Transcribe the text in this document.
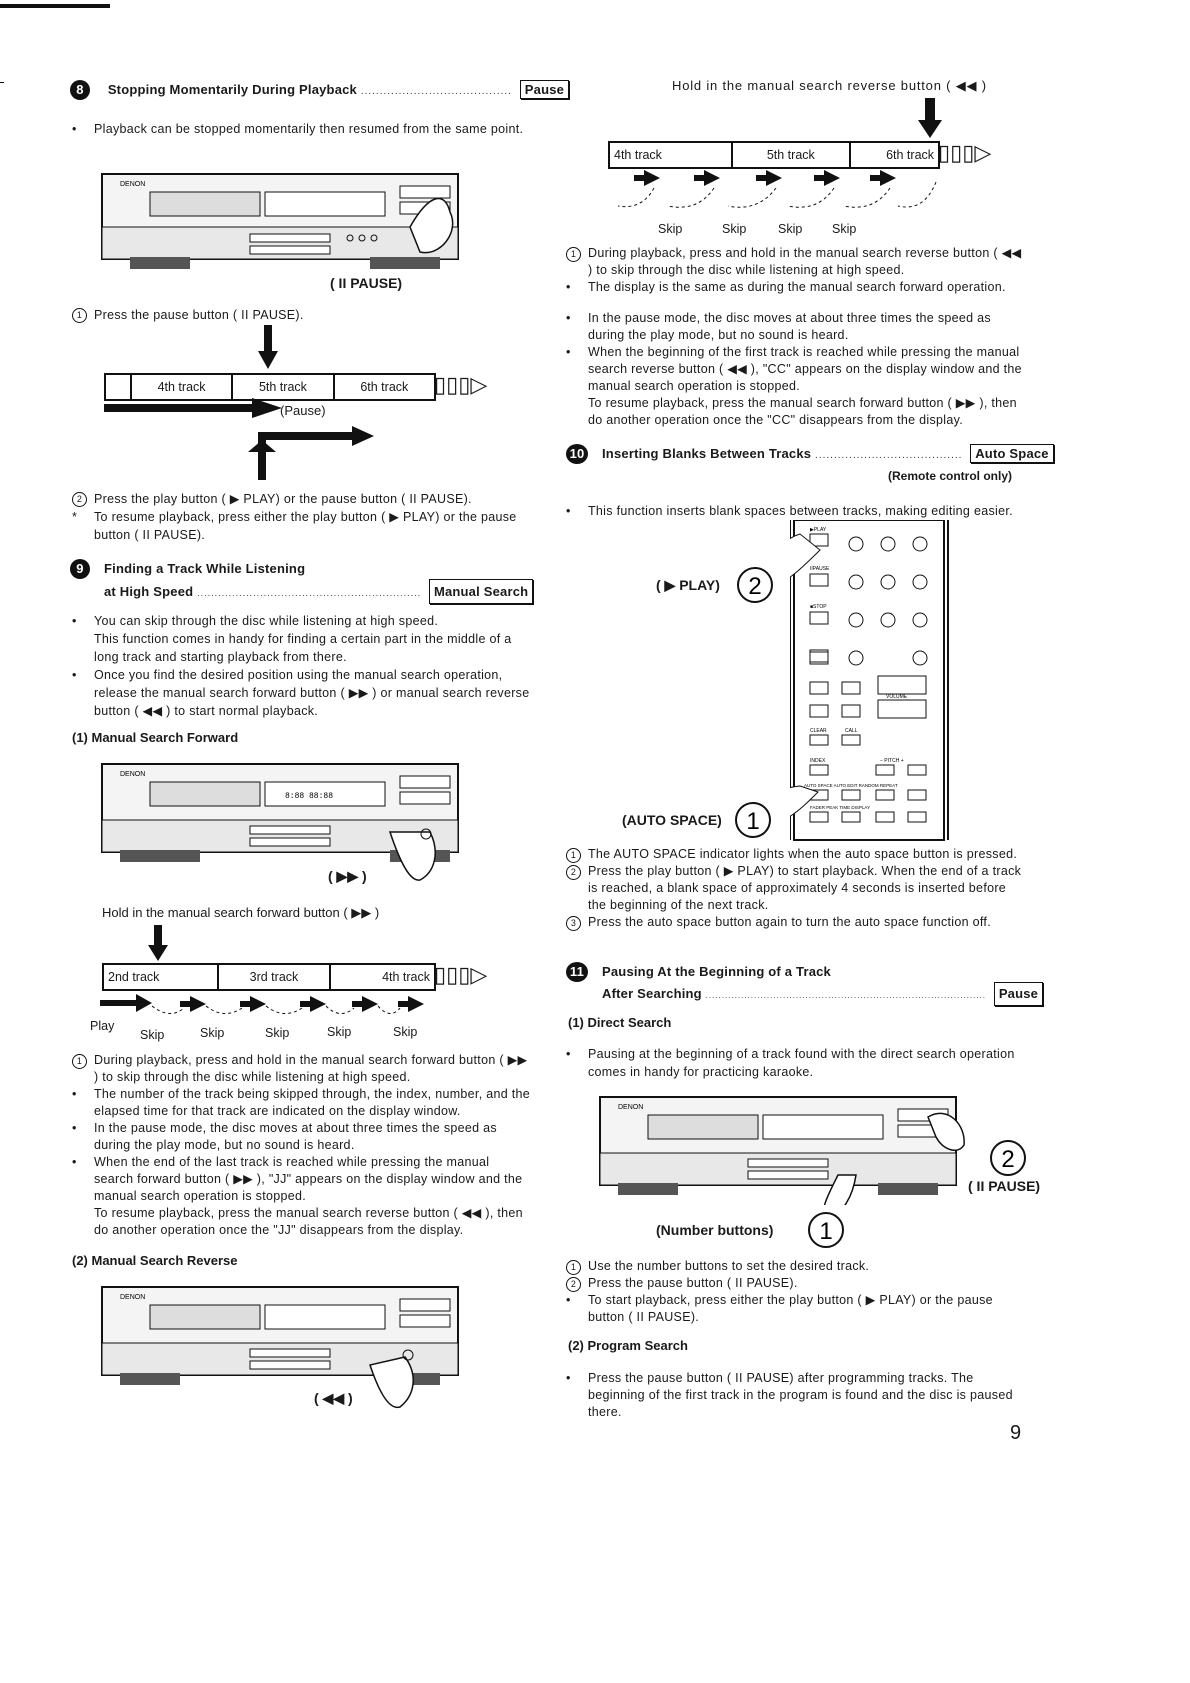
8 Stopping Momentarily During Playback ........................................ Pause
• Playback can be stopped momentarily then resumed from the same point.
DENON
( II PAUSE)
1 Press the pause button ( II PAUSE).
4th track	5th track	6th track	▯▯▯▷
(Pause)
2 Press the play button ( ▶ PLAY) or the pause button ( II PAUSE).
* To resume playback, press either the play button ( ▶ PLAY) or the pause button ( II PAUSE).
9 Finding a Track While Listening
at High Speed ................................................................ Manual Search
• You can skip through the disc while listening at high speed.
This function comes in handy for finding a certain part in the middle of a long track and starting playback from there.
• Once you find the desired position using the manual search operation, release the manual search forward button ( ▶▶ ) or manual search reverse button ( ◀◀ ) to start normal playback.
(1) Manual Search Forward
DENON
8:88 88:88
( ▶▶ )
Hold in the manual search forward button ( ▶▶ )
2nd track	3rd track	4th track ▯▯▯▷
Play
Skip	Skip	Skip	Skip	Skip
1 During playback, press and hold in the manual search forward button ( ▶▶ ) to skip through the disc while listening at high speed.
• The number of the track being skipped through, the index, number, and the elapsed time for that track are indicated on the display window.
• In the pause mode, the disc moves at about three times the speed as during the play mode, but no sound is heard.
• When the end of the last track is reached while pressing the manual search forward button ( ▶▶ ), "JJ" appears on the display window and the manual search operation is stopped.
To resume playback, press the manual search reverse button ( ◀◀ ), then do another operation once the "JJ" disappears from the display.
(2) Manual Search Reverse
DENON
( ◀◀ )
Hold in the manual search reverse button ( ◀◀ )
4th track	5th track	6th track ▯▯▯▷
Skip	Skip	Skip Skip
1 During playback, press and hold in the manual search reverse button ( ◀◀ ) to skip through the disc while listening at high speed.
• The display is the same as during the manual search forward operation.
• In the pause mode, the disc moves at about three times the speed as during the play mode, but no sound is heard.
• When the beginning of the first track is reached while pressing the manual search reverse button ( ◀◀ ), "CC" appears on the display window and the manual search operation is stopped.
To resume playback, press the manual search forward button ( ▶▶ ), then do another operation once the "CC" disappears from the display.
10 Inserting Blanks Between Tracks ....................................... Auto Space
(Remote control only)
• This function inserts blank spaces between tracks, making editing easier.
▶PLAY
IIPAUSE
■STOP
VOLUME
CLEAR	CALL
INDEX	− PITCH +
AUTO SPACE AUTO EDIT RANDOM REPEAT
FADER PEAK TIME DISPLAY
( ▶ PLAY) 2
(AUTO SPACE) 1
1 The AUTO SPACE indicator lights when the auto space button is pressed.
2 Press the play button ( ▶ PLAY) to start playback. When the end of a track is reached, a blank space of approximately 4 seconds is inserted before the beginning of the next track.
3 Press the auto space button again to turn the auto space function off.
11 Pausing At the Beginning of a Track
After Searching ....................................................................................... Pause
(1) Direct Search
• Pausing at the beginning of a track found with the direct search operation comes in handy for practicing karaoke.
DENON
2
( II PAUSE)
(Number buttons) 1
1 Use the number buttons to set the desired track.
2 Press the pause button ( II PAUSE).
• To start playback, press either the play button ( ▶ PLAY) or the pause button ( II PAUSE).
(2) Program Search
• Press the pause button ( II PAUSE) after programming tracks. The beginning of the first track in the program is found and the disc is paused there.
9
